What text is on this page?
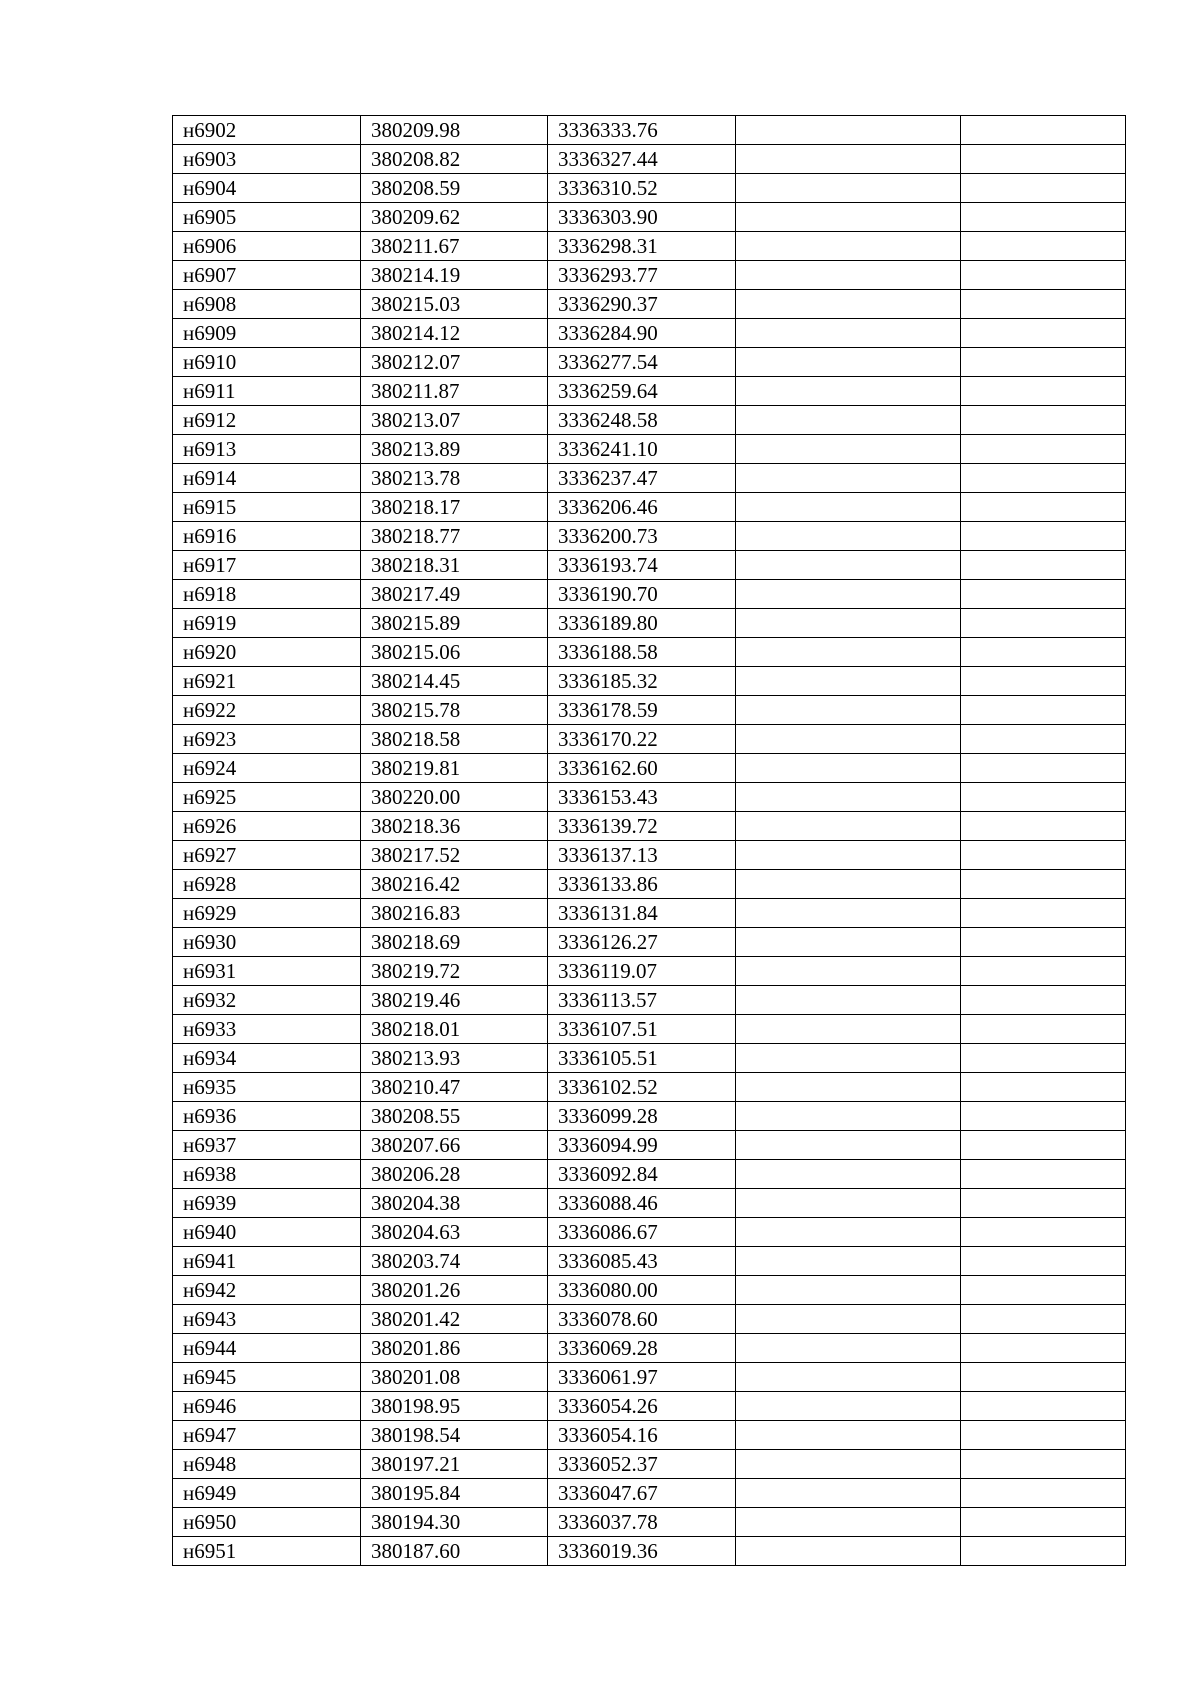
н6902	380209.98	3336333.76		
н6903	380208.82	3336327.44		
н6904	380208.59	3336310.52		
н6905	380209.62	3336303.90		
н6906	380211.67	3336298.31		
н6907	380214.19	3336293.77		
н6908	380215.03	3336290.37		
н6909	380214.12	3336284.90		
н6910	380212.07	3336277.54		
н6911	380211.87	3336259.64		
н6912	380213.07	3336248.58		
н6913	380213.89	3336241.10		
н6914	380213.78	3336237.47		
н6915	380218.17	3336206.46		
н6916	380218.77	3336200.73		
н6917	380218.31	3336193.74		
н6918	380217.49	3336190.70		
н6919	380215.89	3336189.80		
н6920	380215.06	3336188.58		
н6921	380214.45	3336185.32		
н6922	380215.78	3336178.59		
н6923	380218.58	3336170.22		
н6924	380219.81	3336162.60		
н6925	380220.00	3336153.43		
н6926	380218.36	3336139.72		
н6927	380217.52	3336137.13		
н6928	380216.42	3336133.86		
н6929	380216.83	3336131.84		
н6930	380218.69	3336126.27		
н6931	380219.72	3336119.07		
н6932	380219.46	3336113.57		
н6933	380218.01	3336107.51		
н6934	380213.93	3336105.51		
н6935	380210.47	3336102.52		
н6936	380208.55	3336099.28		
н6937	380207.66	3336094.99		
н6938	380206.28	3336092.84		
н6939	380204.38	3336088.46		
н6940	380204.63	3336086.67		
н6941	380203.74	3336085.43		
н6942	380201.26	3336080.00		
н6943	380201.42	3336078.60		
н6944	380201.86	3336069.28		
н6945	380201.08	3336061.97		
н6946	380198.95	3336054.26		
н6947	380198.54	3336054.16		
н6948	380197.21	3336052.37		
н6949	380195.84	3336047.67		
н6950	380194.30	3336037.78		
н6951	380187.60	3336019.36		
